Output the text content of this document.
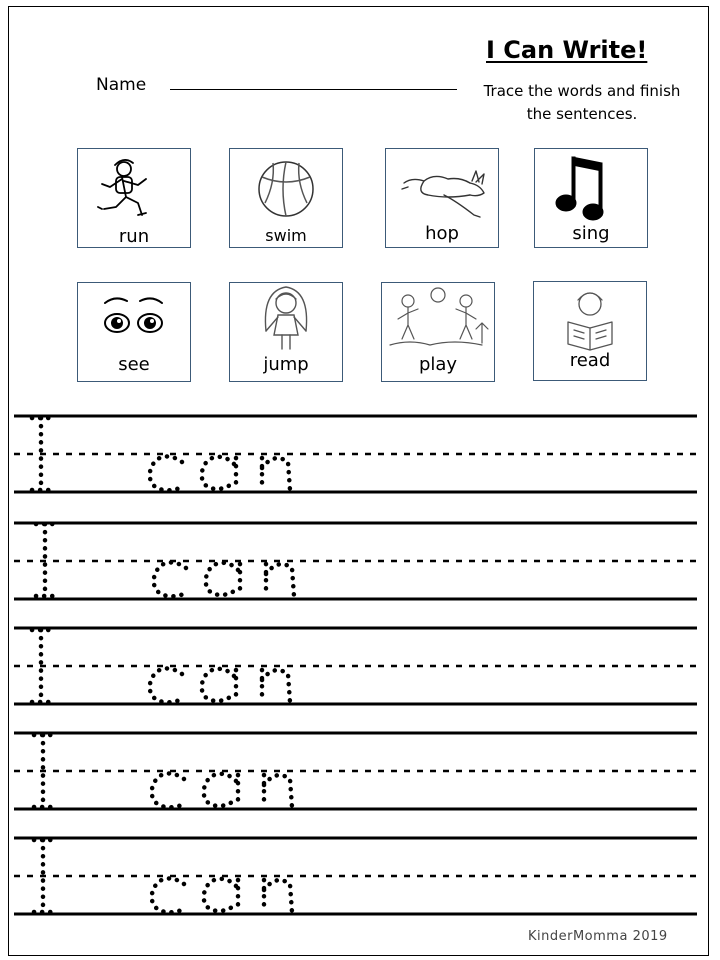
I Can Write!
Trace the words and finish the sentences.
Name
run	swim	hop	sing
see	jump	play	read
KinderMomma 2019
